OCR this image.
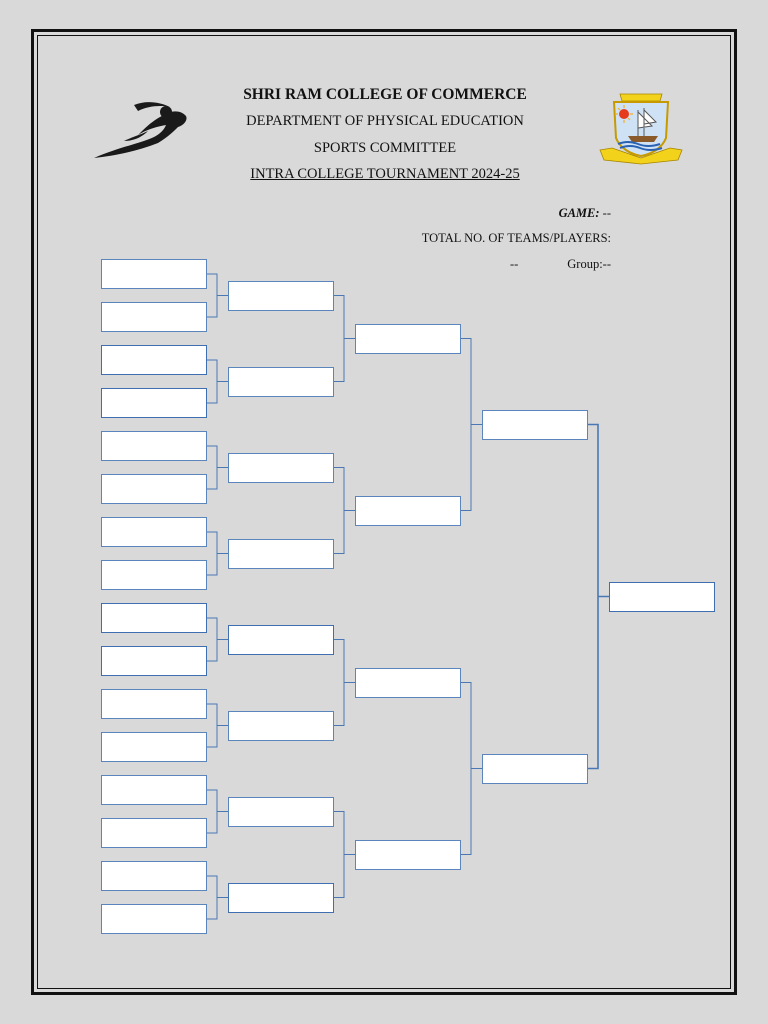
SHRI RAM COLLEGE OF COMMERCE
DEPARTMENT OF PHYSICAL EDUCATION
SPORTS COMMITTEE
INTRA COLLEGE TOURNAMENT 2024-25
GAME: --
TOTAL NO. OF TEAMS/PLAYERS:
--	Group:--
